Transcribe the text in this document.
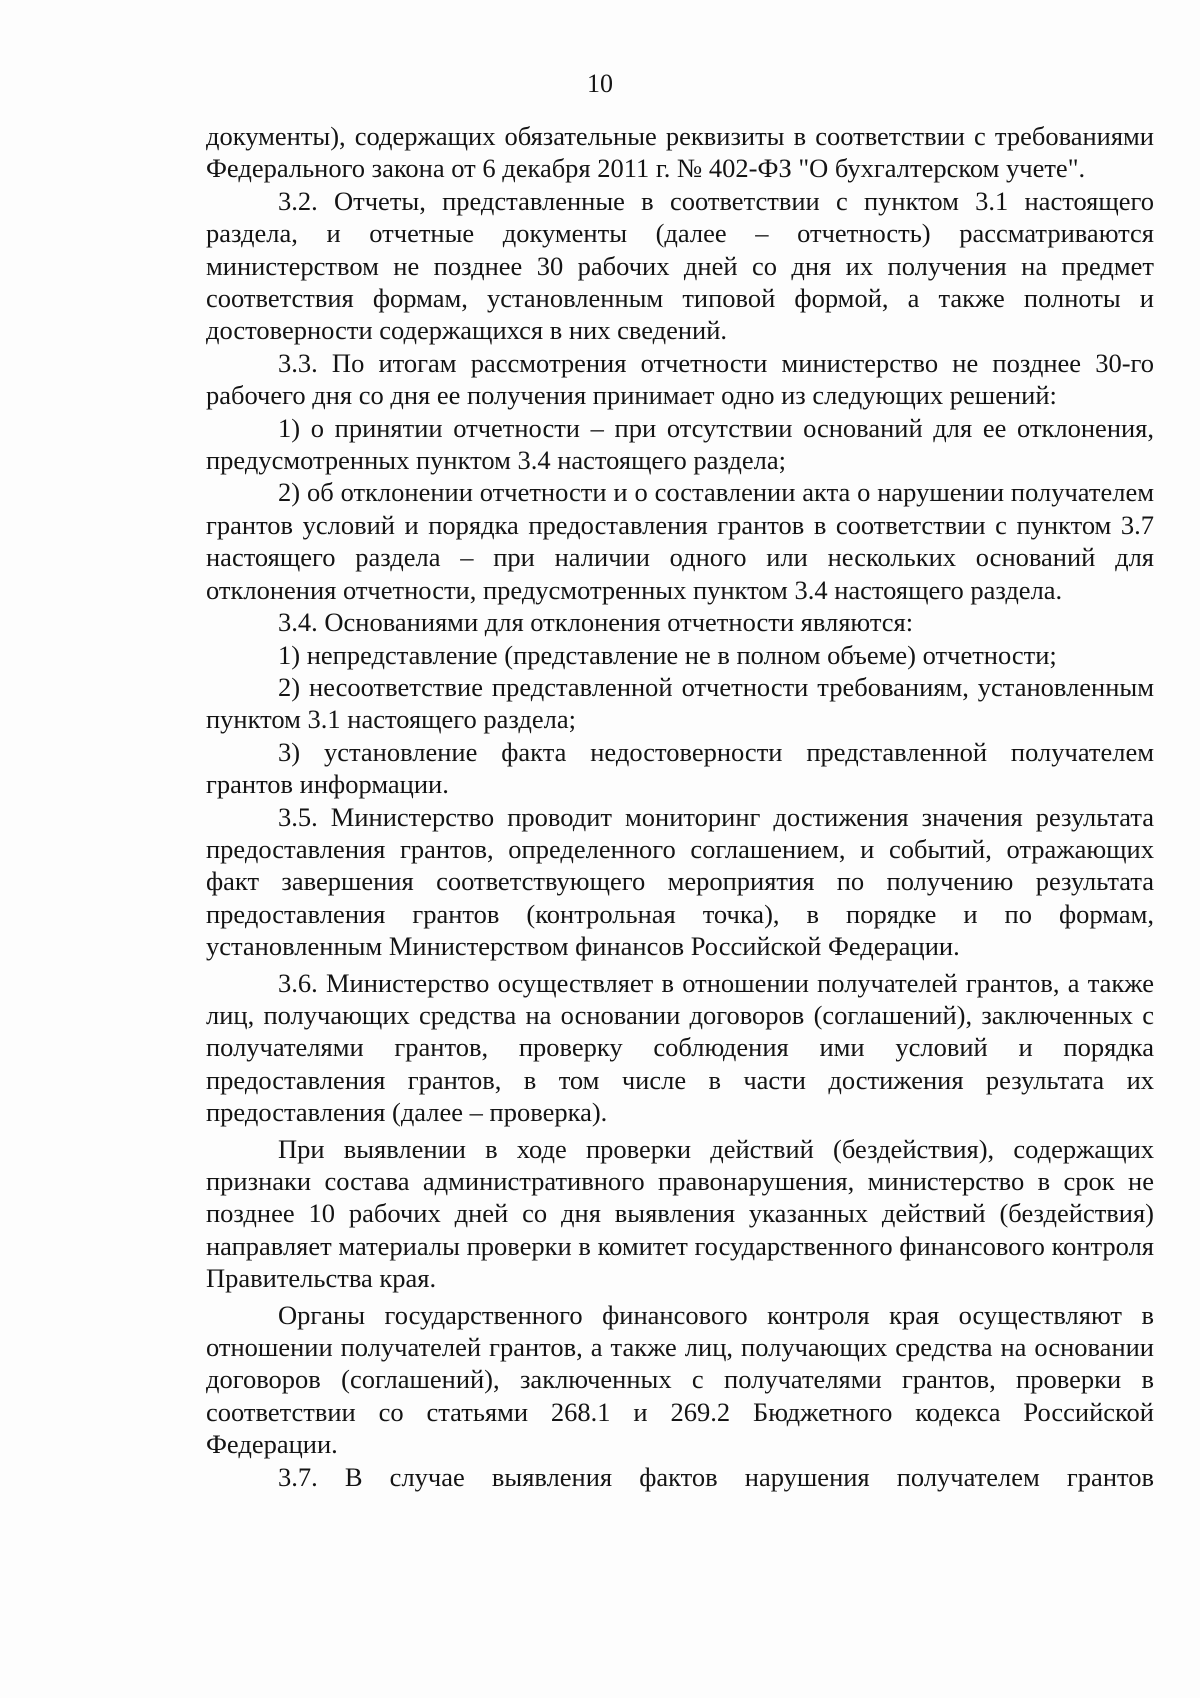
10

документы), содержащих обязательные реквизиты в соответствии с требованиями Федерального закона от 6 декабря 2011 г. № 402-ФЗ "О бухгалтерском учете".

3.2. Отчеты, представленные в соответствии с пунктом 3.1 настоящего раздела, и отчетные документы (далее – отчетность) рассматриваются министерством не позднее 30 рабочих дней со дня их получения на предмет соответствия формам, установленным типовой формой, а также полноты и достоверности содержащихся в них сведений.

3.3. По итогам рассмотрения отчетности министерство не позднее 30-го рабочего дня со дня ее получения принимает одно из следующих решений:

1) о принятии отчетности – при отсутствии оснований для ее отклонения, предусмотренных пунктом 3.4 настоящего раздела;

2) об отклонении отчетности и о составлении акта о нарушении получателем грантов условий и порядка предоставления грантов в соответствии с пунктом 3.7 настоящего раздела – при наличии одного или нескольких оснований для отклонения отчетности, предусмотренных пунктом 3.4 настоящего раздела.

3.4. Основаниями для отклонения отчетности являются:

1) непредставление (представление не в полном объеме) отчетности;

2) несоответствие представленной отчетности требованиям, установленным пунктом 3.1 настоящего раздела;

3) установление факта недостоверности представленной получателем грантов информации.

3.5. Министерство проводит мониторинг достижения значения результата предоставления грантов, определенного соглашением, и событий, отражающих факт завершения соответствующего мероприятия по получению результата предоставления грантов (контрольная точка), в порядке и по формам, установленным Министерством финансов Российской Федерации.

3.6. Министерство осуществляет в отношении получателей грантов, а также лиц, получающих средства на основании договоров (соглашений), заключенных с получателями грантов, проверку соблюдения ими условий и порядка предоставления грантов, в том числе в части достижения результата их предоставления (далее – проверка).

При выявлении в ходе проверки действий (бездействия), содержащих признаки состава административного правонарушения, министерство в срок не позднее 10 рабочих дней со дня выявления указанных действий (бездействия) направляет материалы проверки в комитет государственного финансового контроля Правительства края.

Органы государственного финансового контроля края осуществляют в отношении получателей грантов, а также лиц, получающих средства на основании договоров (соглашений), заключенных с получателями грантов, проверки в соответствии со статьями 268.1 и 269.2 Бюджетного кодекса Российской Федерации.

3.7. В случае выявления фактов нарушения получателем грантов
